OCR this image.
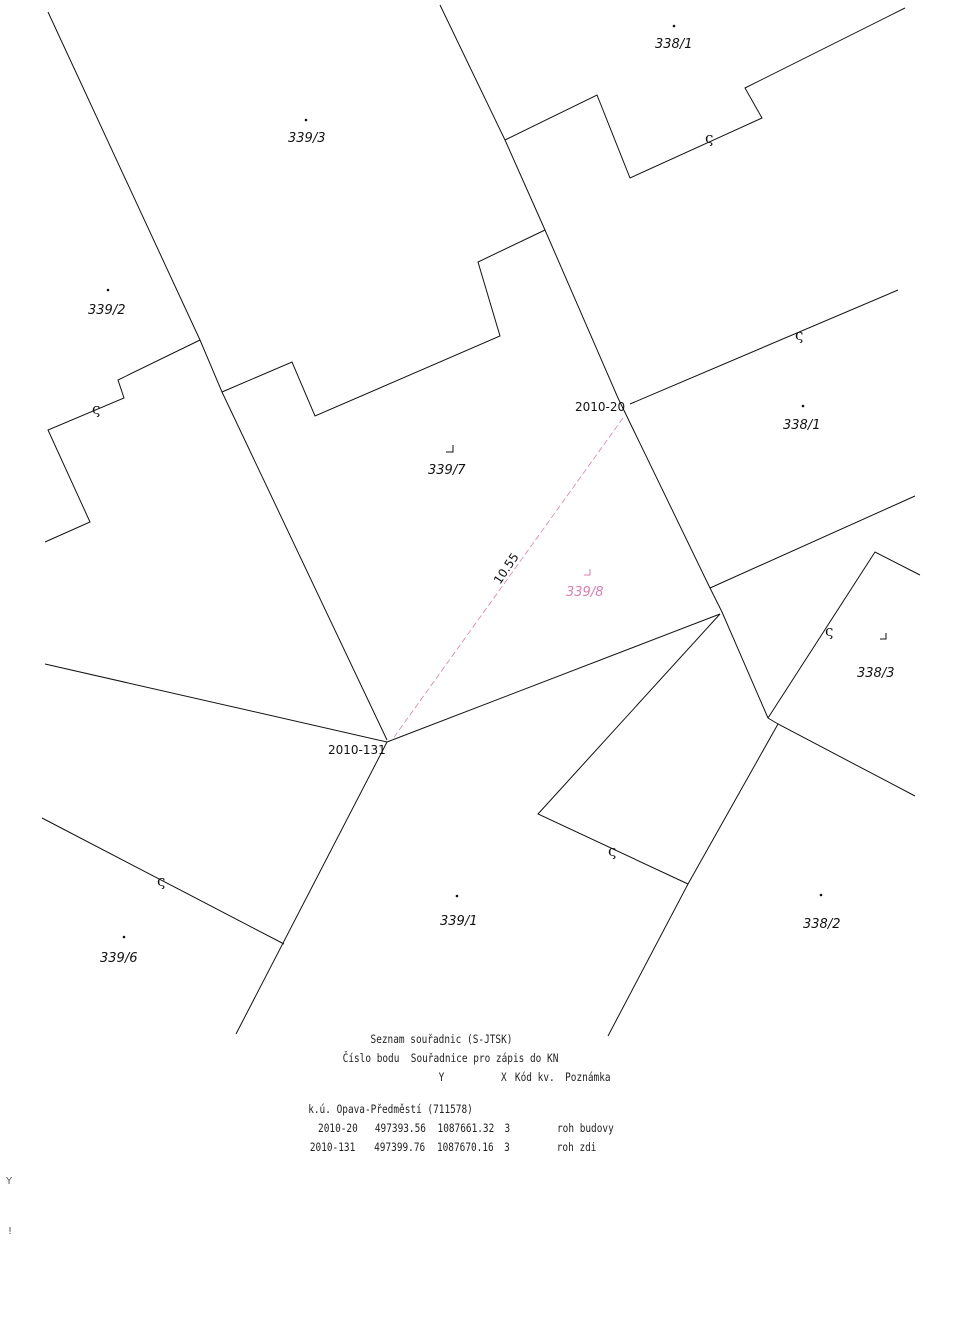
ς
ς
ς
ς
ς
ς
339/3
338/1
339/2
338/1
339/7
339/8
338/3
339/1	338/2
339/6
2010-20
2010-131
10.55
Seznam souřadnic (S-JTSK)
Číslo bodu  Souřadnice pro zápis do KN
Y	X Kód kv. Poznámka
k.ú. Opava-Předměstí (711578)
2010-20	497393.56	1087661.32 3	roh budovy
2010-131	497399.76	1087670.16 3	roh zdi
Y
!
